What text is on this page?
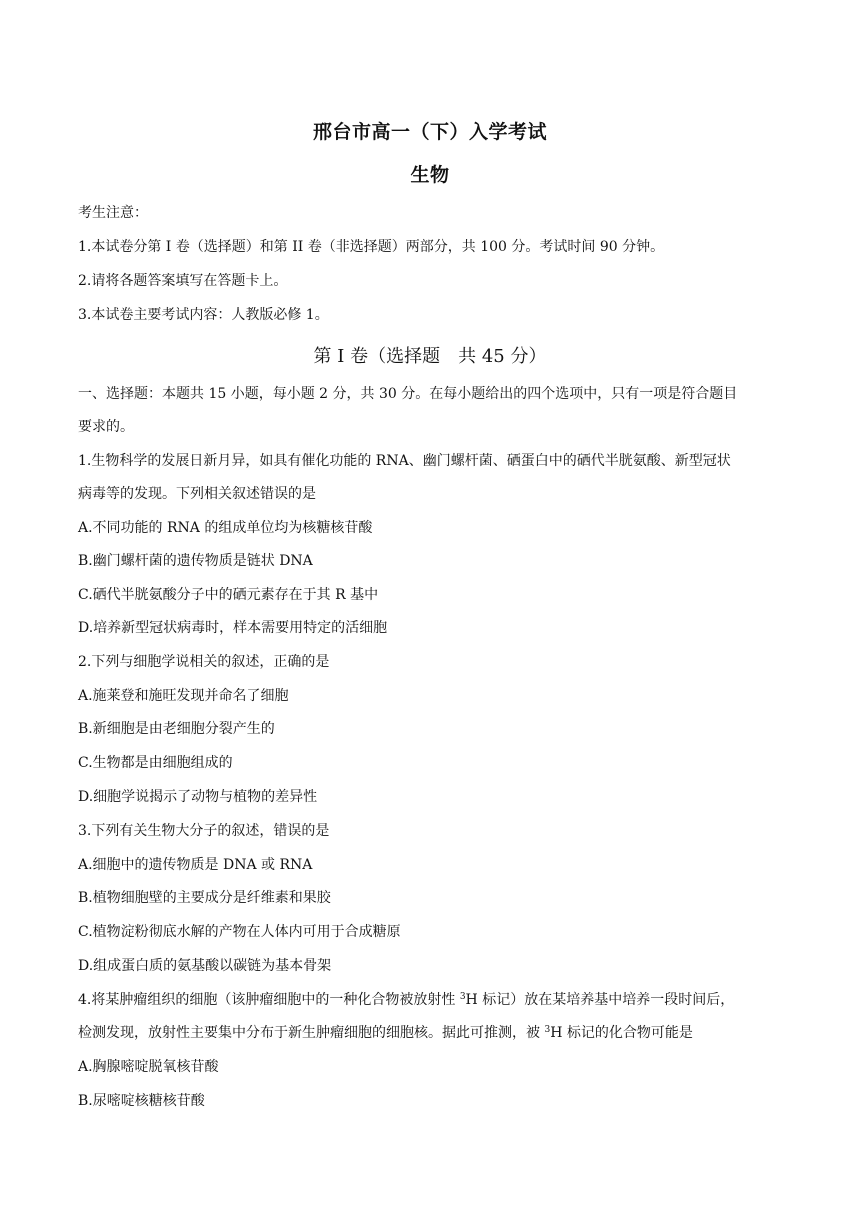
邢台市高一（下）入学考试
生物
考生注意：
1.本试卷分第 I 卷（选择题）和第 II 卷（非选择题）两部分，共 100 分。考试时间 90 分钟。
2.请将各题答案填写在答题卡上。
3.本试卷主要考试内容：人教版必修 1。
第 I 卷（选择题　共 45 分）
一、选择题：本题共 15 小题，每小题 2 分，共 30 分。在每小题给出的四个选项中，只有一项是符合题目
要求的。
1.生物科学的发展日新月异，如具有催化功能的 RNA、幽门螺杆菌、硒蛋白中的硒代半胱氨酸、新型冠状
病毒等的发现。下列相关叙述错误的是
A.不同功能的 RNA 的组成单位均为核糖核苷酸
B.幽门螺杆菌的遗传物质是链状 DNA
C.硒代半胱氨酸分子中的硒元素存在于其 R 基中
D.培养新型冠状病毒时，样本需要用特定的活细胞
2.下列与细胞学说相关的叙述，正确的是
A.施莱登和施旺发现并命名了细胞
B.新细胞是由老细胞分裂产生的
C.生物都是由细胞组成的
D.细胞学说揭示了动物与植物的差异性
3.下列有关生物大分子的叙述，错误的是
A.细胞中的遗传物质是 DNA 或 RNA
B.植物细胞壁的主要成分是纤维素和果胶
C.植物淀粉彻底水解的产物在人体内可用于合成糖原
D.组成蛋白质的氨基酸以碳链为基本骨架
4.将某肿瘤组织的细胞（该肿瘤细胞中的一种化合物被放射性 $^3$H 标记）放在某培养基中培养一段时间后，
检测发现，放射性主要集中分布于新生肿瘤细胞的细胞核。据此可推测，被 $^3$H 标记的化合物可能是
A.胸腺嘧啶脱氧核苷酸
B.尿嘧啶核糖核苷酸
